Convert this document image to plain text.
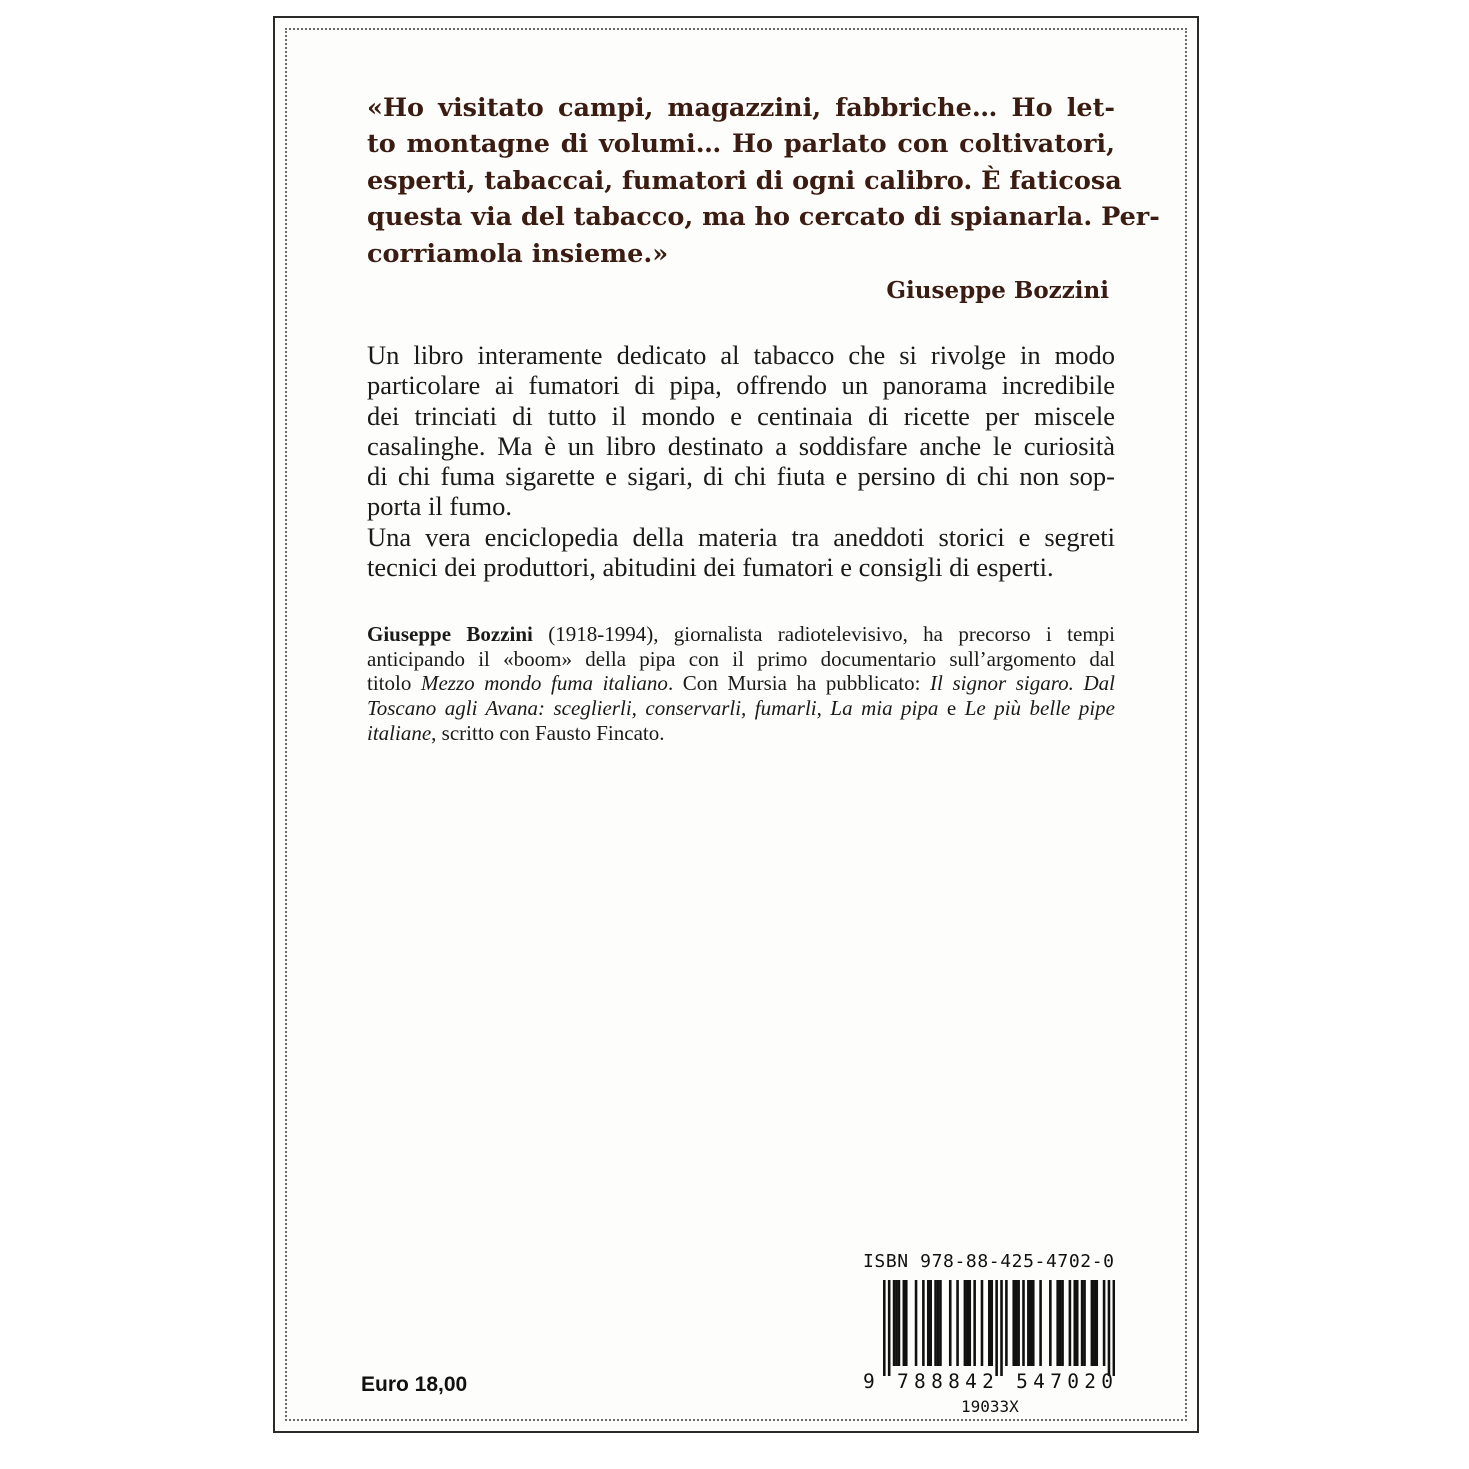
«Ho visitato campi, magazzini, fabbriche… Ho let-
to montagne di volumi… Ho parlato con coltivatori,
esperti, tabaccai, fumatori di ogni calibro. È faticosa
questa via del tabacco, ma ho cercato di spianarla. Per-
corriamola insieme.»
Giuseppe Bozzini
Un libro interamente dedicato al tabacco che si rivolge in modo
particolare ai fumatori di pipa, offrendo un panorama incredibile
dei trinciati di tutto il mondo e centinaia di ricette per miscele
casalinghe. Ma è un libro destinato a soddisfare anche le curiosità
di chi fuma sigarette e sigari, di chi fiuta e persino di chi non sop-
porta il fumo.
Una vera enciclopedia della materia tra aneddoti storici e segreti
tecnici dei produttori, abitudini dei fumatori e consigli di esperti.
Giuseppe Bozzini (1918-1994), giornalista radiotelevisivo, ha precorso i tempi
anticipando il «boom» della pipa con il primo documentario sull’argomento dal
titolo Mezzo mondo fuma italiano. Con Mursia ha pubblicato: Il signor sigaro. Dal
Toscano agli Avana: sceglierli, conservarli, fumarli, La mia pipa e Le più belle pipe
italiane, scritto con Fausto Fincato.
ISBN 978-88-425-4702-0
9 788842 547020
19033X
Euro 18,00
